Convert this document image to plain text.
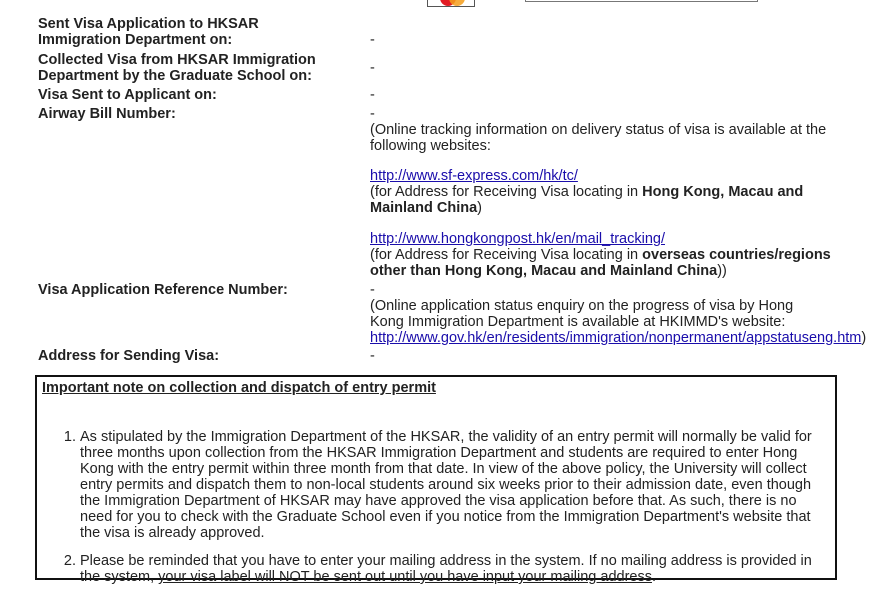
Sent Visa Application to HKSAR Immigration Department on:	-
Collected Visa from HKSAR Immigration Department by the Graduate School on:	-
Visa Sent to Applicant on:	-
Airway Bill Number:	-

(Online tracking information on delivery status of visa is available at the following websites:

http://www.sf-express.com/hk/tc/

(for Address for Receiving Visa locating in Hong Kong, Macau and Mainland China)

http://www.hongkongpost.hk/en/mail_tracking/

(for Address for Receiving Visa locating in overseas countries/regions other than Hong Kong, Macau and Mainland China))

Visa Application Reference Number:	-

(Online application status enquiry on the progress of visa by Hong Kong Immigration Department is available at HKIMMD's website:

http://www.gov.hk/en/residents/immigration/nonpermanent/appstatuseng.htm)

Address for Sending Visa:	-
Important note on collection and dispatch of entry permit
1. As stipulated by the Immigration Department of the HKSAR, the validity of an entry permit will normally be valid for three months upon collection from the HKSAR Immigration Department and students are required to enter Hong Kong with the entry permit within three month from that date. In view of the above policy, the University will collect entry permits and dispatch them to non-local students around six weeks prior to their admission date, even though the Immigration Department of HKSAR may have approved the visa application before that. As such, there is no need for you to check with the Graduate School even if you notice from the Immigration Department's website that the visa is already approved.
2. Please be reminded that you have to enter your mailing address in the system. If no mailing address is provided in the system, your visa label will NOT be sent out until you have input your mailing address.
